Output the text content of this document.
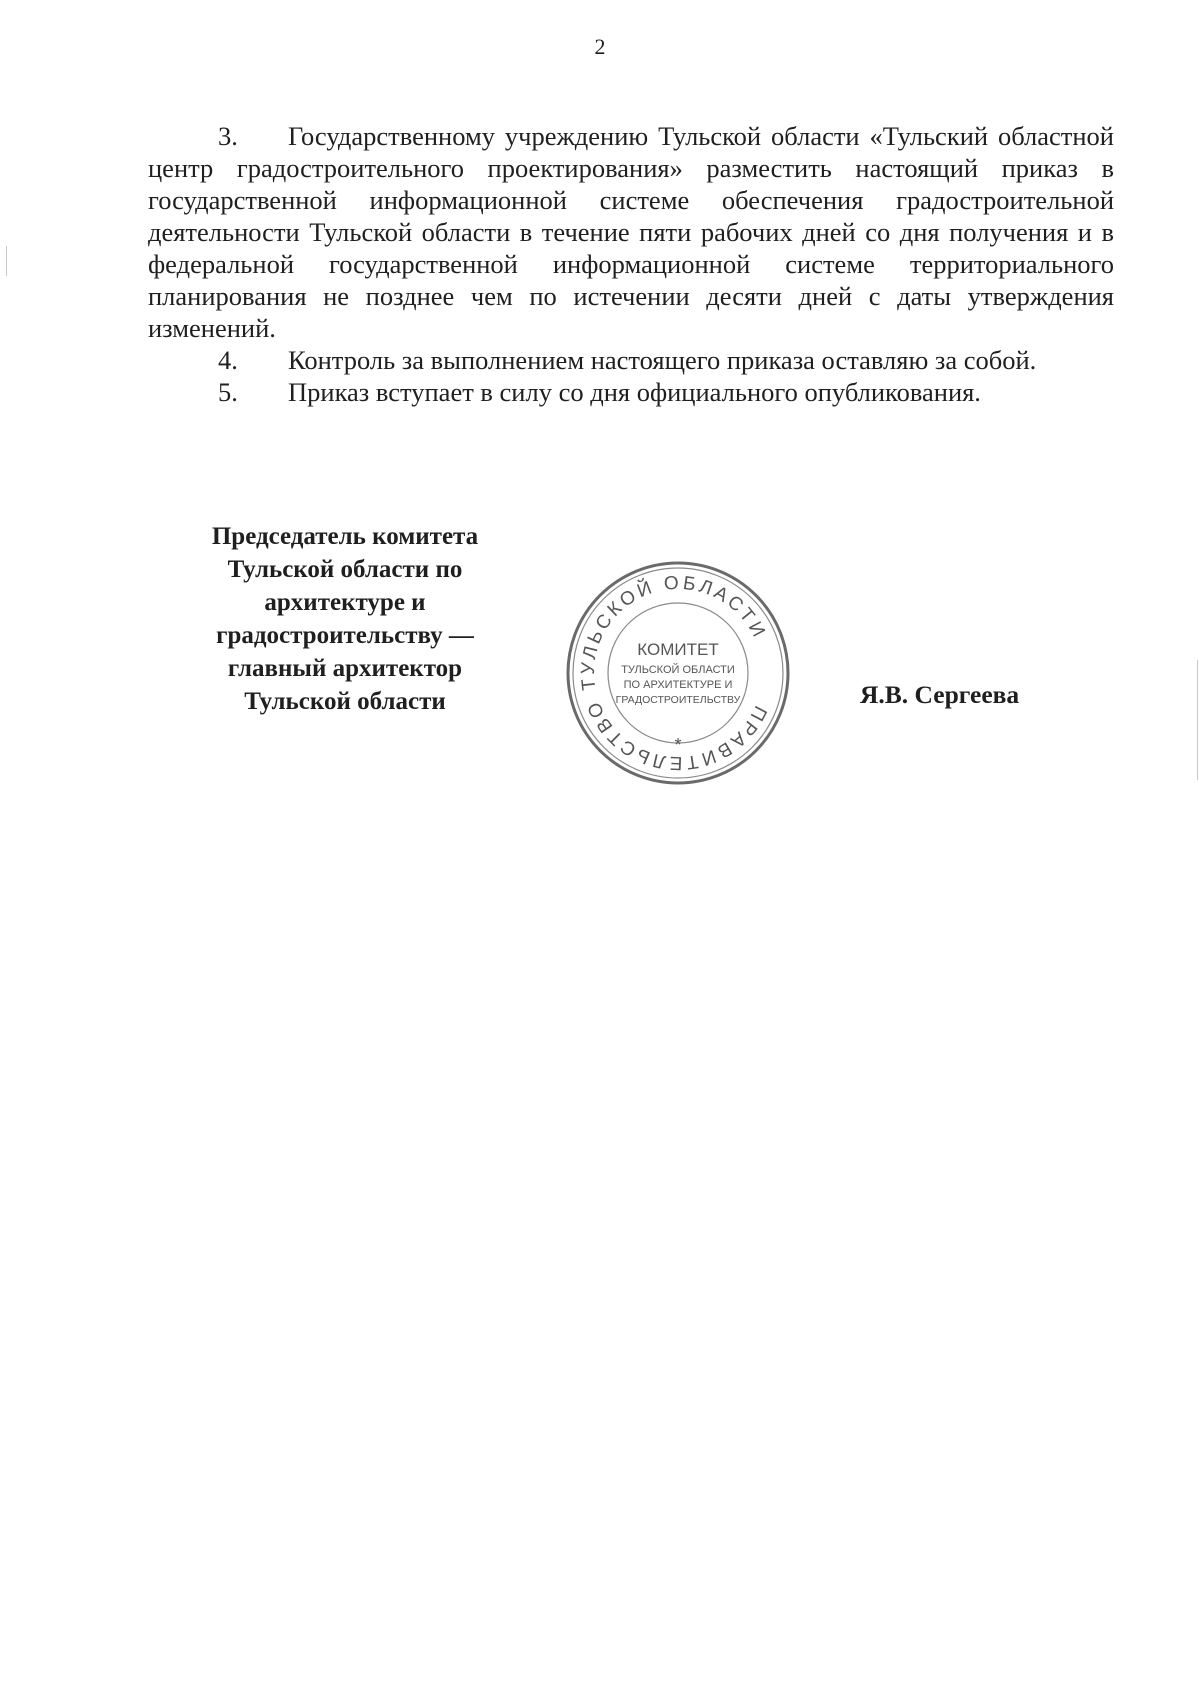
2

3. Государственному учреждению Тульской области «Тульский областной центр градостроительного проектирования» разместить настоящий приказ в государственной информационной системе обеспечения градостроительной деятельности Тульской области в течение пяти рабочих дней со дня получения и в федеральной государственной информационной системе территориального планирования не позднее чем по истечении десяти дней с даты утверждения изменений.

4. Контроль за выполнением настоящего приказа оставляю за собой.

5. Приказ вступает в силу со дня официального опубликования.

Председатель комитета
Тульской области по
архитектуре и
градостроительству —
главный архитектор
Тульской области	ПРАВИТЕЛЬСТВО ТУЛЬСКОЙ ОБЛАСТИ
*
КОМИТЕТ
ТУЛЬСКОЙ ОБЛАСТИ
ПО АРХИТЕКТУРЕ И
ГРАДОСТРОИТЕЛЬСТВУ	Я.В. Сергеева
